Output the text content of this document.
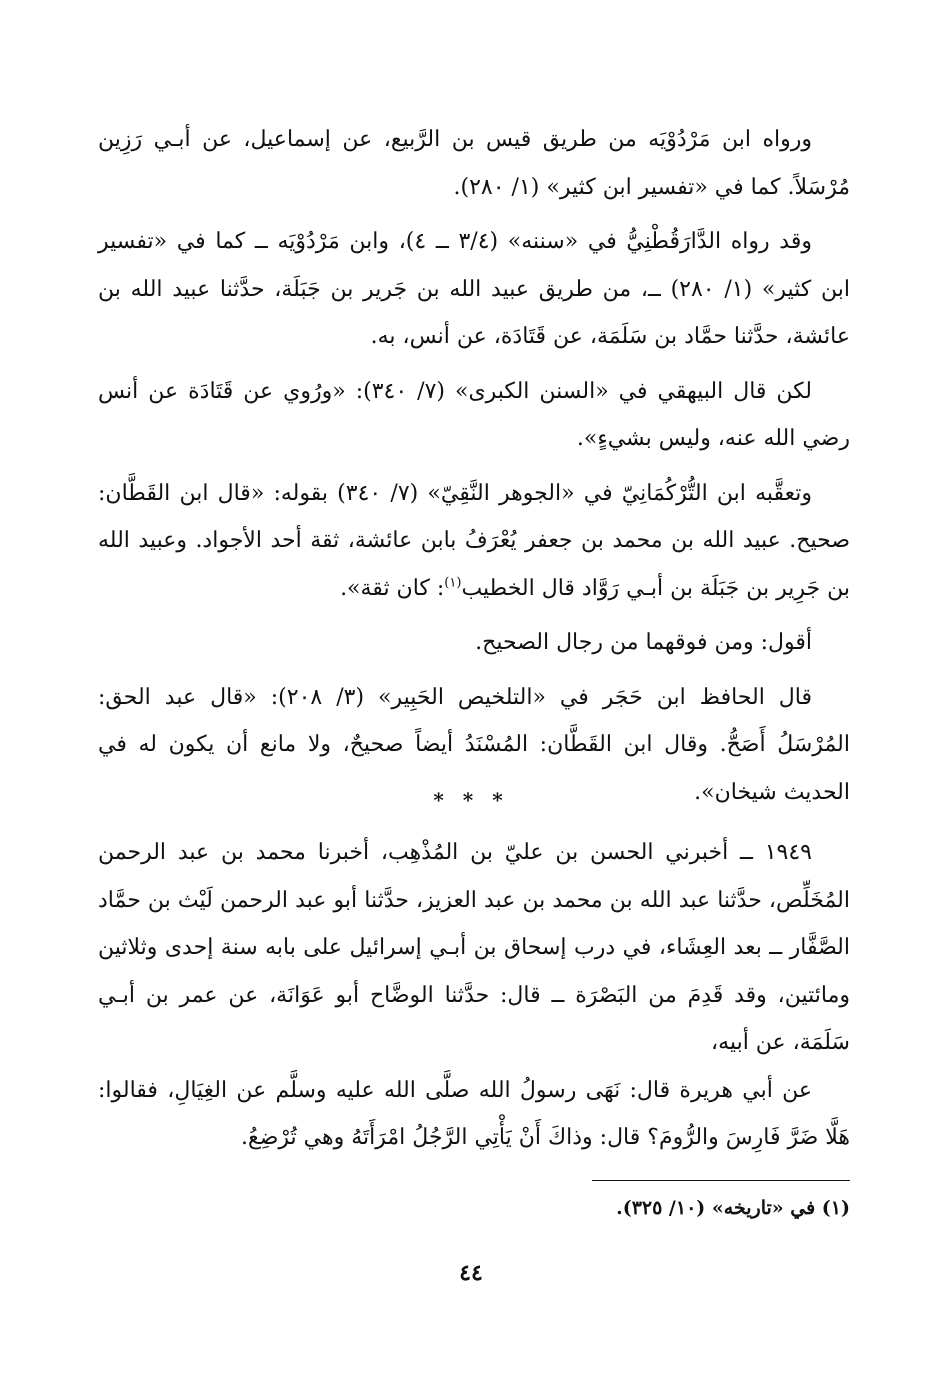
ورواه ابن مَرْدُوْيَه من طريق قيس بن الرَّبيع، عن إسماعيل، عن أبـي رَزِين مُرْسَلاً. كما في «تفسير ابن كثير» (١/ ٢٨٠).

وقد رواه الدَّارَقُطْنِيُّ في «سننه» (٣/٤ ــ ٤)، وابن مَرْدُوْيَه ــ كما في «تفسير ابن كثير» (١/ ٢٨٠) ــ، من طريق عبيد الله بن جَرير بن جَبَلَة، حدَّثنا عبيد الله بن عائشة، حدَّثنا حمَّاد بن سَلَمَة، عن قَتَادَة، عن أنس، به.

لكن قال البيهقي في «السنن الكبرى» (٧/ ٣٤٠): «ورُوي عن قَتَادَة عن أنس رضي الله عنه، وليس بشيءٍ».

وتعقَّبه ابن التُّرْكُمَانِيّ في «الجوهر النَّقِيّ» (٧/ ٣٤٠) بقوله: «قال ابن القَطَّان: صحيح. عبيد الله بن محمد بن جعفر يُعْرَفُ بابن عائشة، ثقة أحد الأجواد. وعبيد الله بن جَرِير بن جَبَلَة بن أبـي رَوَّاد قال الخطيب$^{(١)}$: كان ثقة».

أقول: ومن فوقهما من رجال الصحيح.

قال الحافظ ابن حَجَر في «التلخيص الحَبِير» (٣/ ٢٠٨): «قال عبد الحق: المُرْسَلُ أَصَحُّ. وقال ابن القَطَّان: المُسْنَدُ أيضاً صحيحٌ، ولا مانع أن يكون له في الحديث شيخان».

* * *

١٩٤٩ ــ أخبرني الحسن بن عليّ بن المُذْهِب، أخبرنا محمد بن عبد الرحمن المُخَلِّص، حدَّثنا عبد الله بن محمد بن عبد العزيز، حدَّثنا أبو عبد الرحمن لَيْث بن حمَّاد الصَّفَّار ــ بعد العِشَاء، في درب إسحاق بن أبـي إسرائيل على بابه سنة إحدى وثلاثين ومائتين، وقد قَدِمَ من البَصْرَة ــ قال: حدَّثنا الوضَّاح أبو عَوَانَة، عن عمر بن أبـي سَلَمَة، عن أبيه،

عن أبي هريرة قال: نَهَى رسولُ الله صلَّى الله عليه وسلَّم عن الغِيَالِ، فقالوا: هَلَّا ضَرَّ فَارِسَ والرُّومَ؟ قال: وذاكَ أَنْ يَأْتِي الرَّجُلُ امْرَأَتَهُ وهي تُرْضِعُ.

(١) في «تاريخه» (١٠/ ٣٢٥).
٤٤
